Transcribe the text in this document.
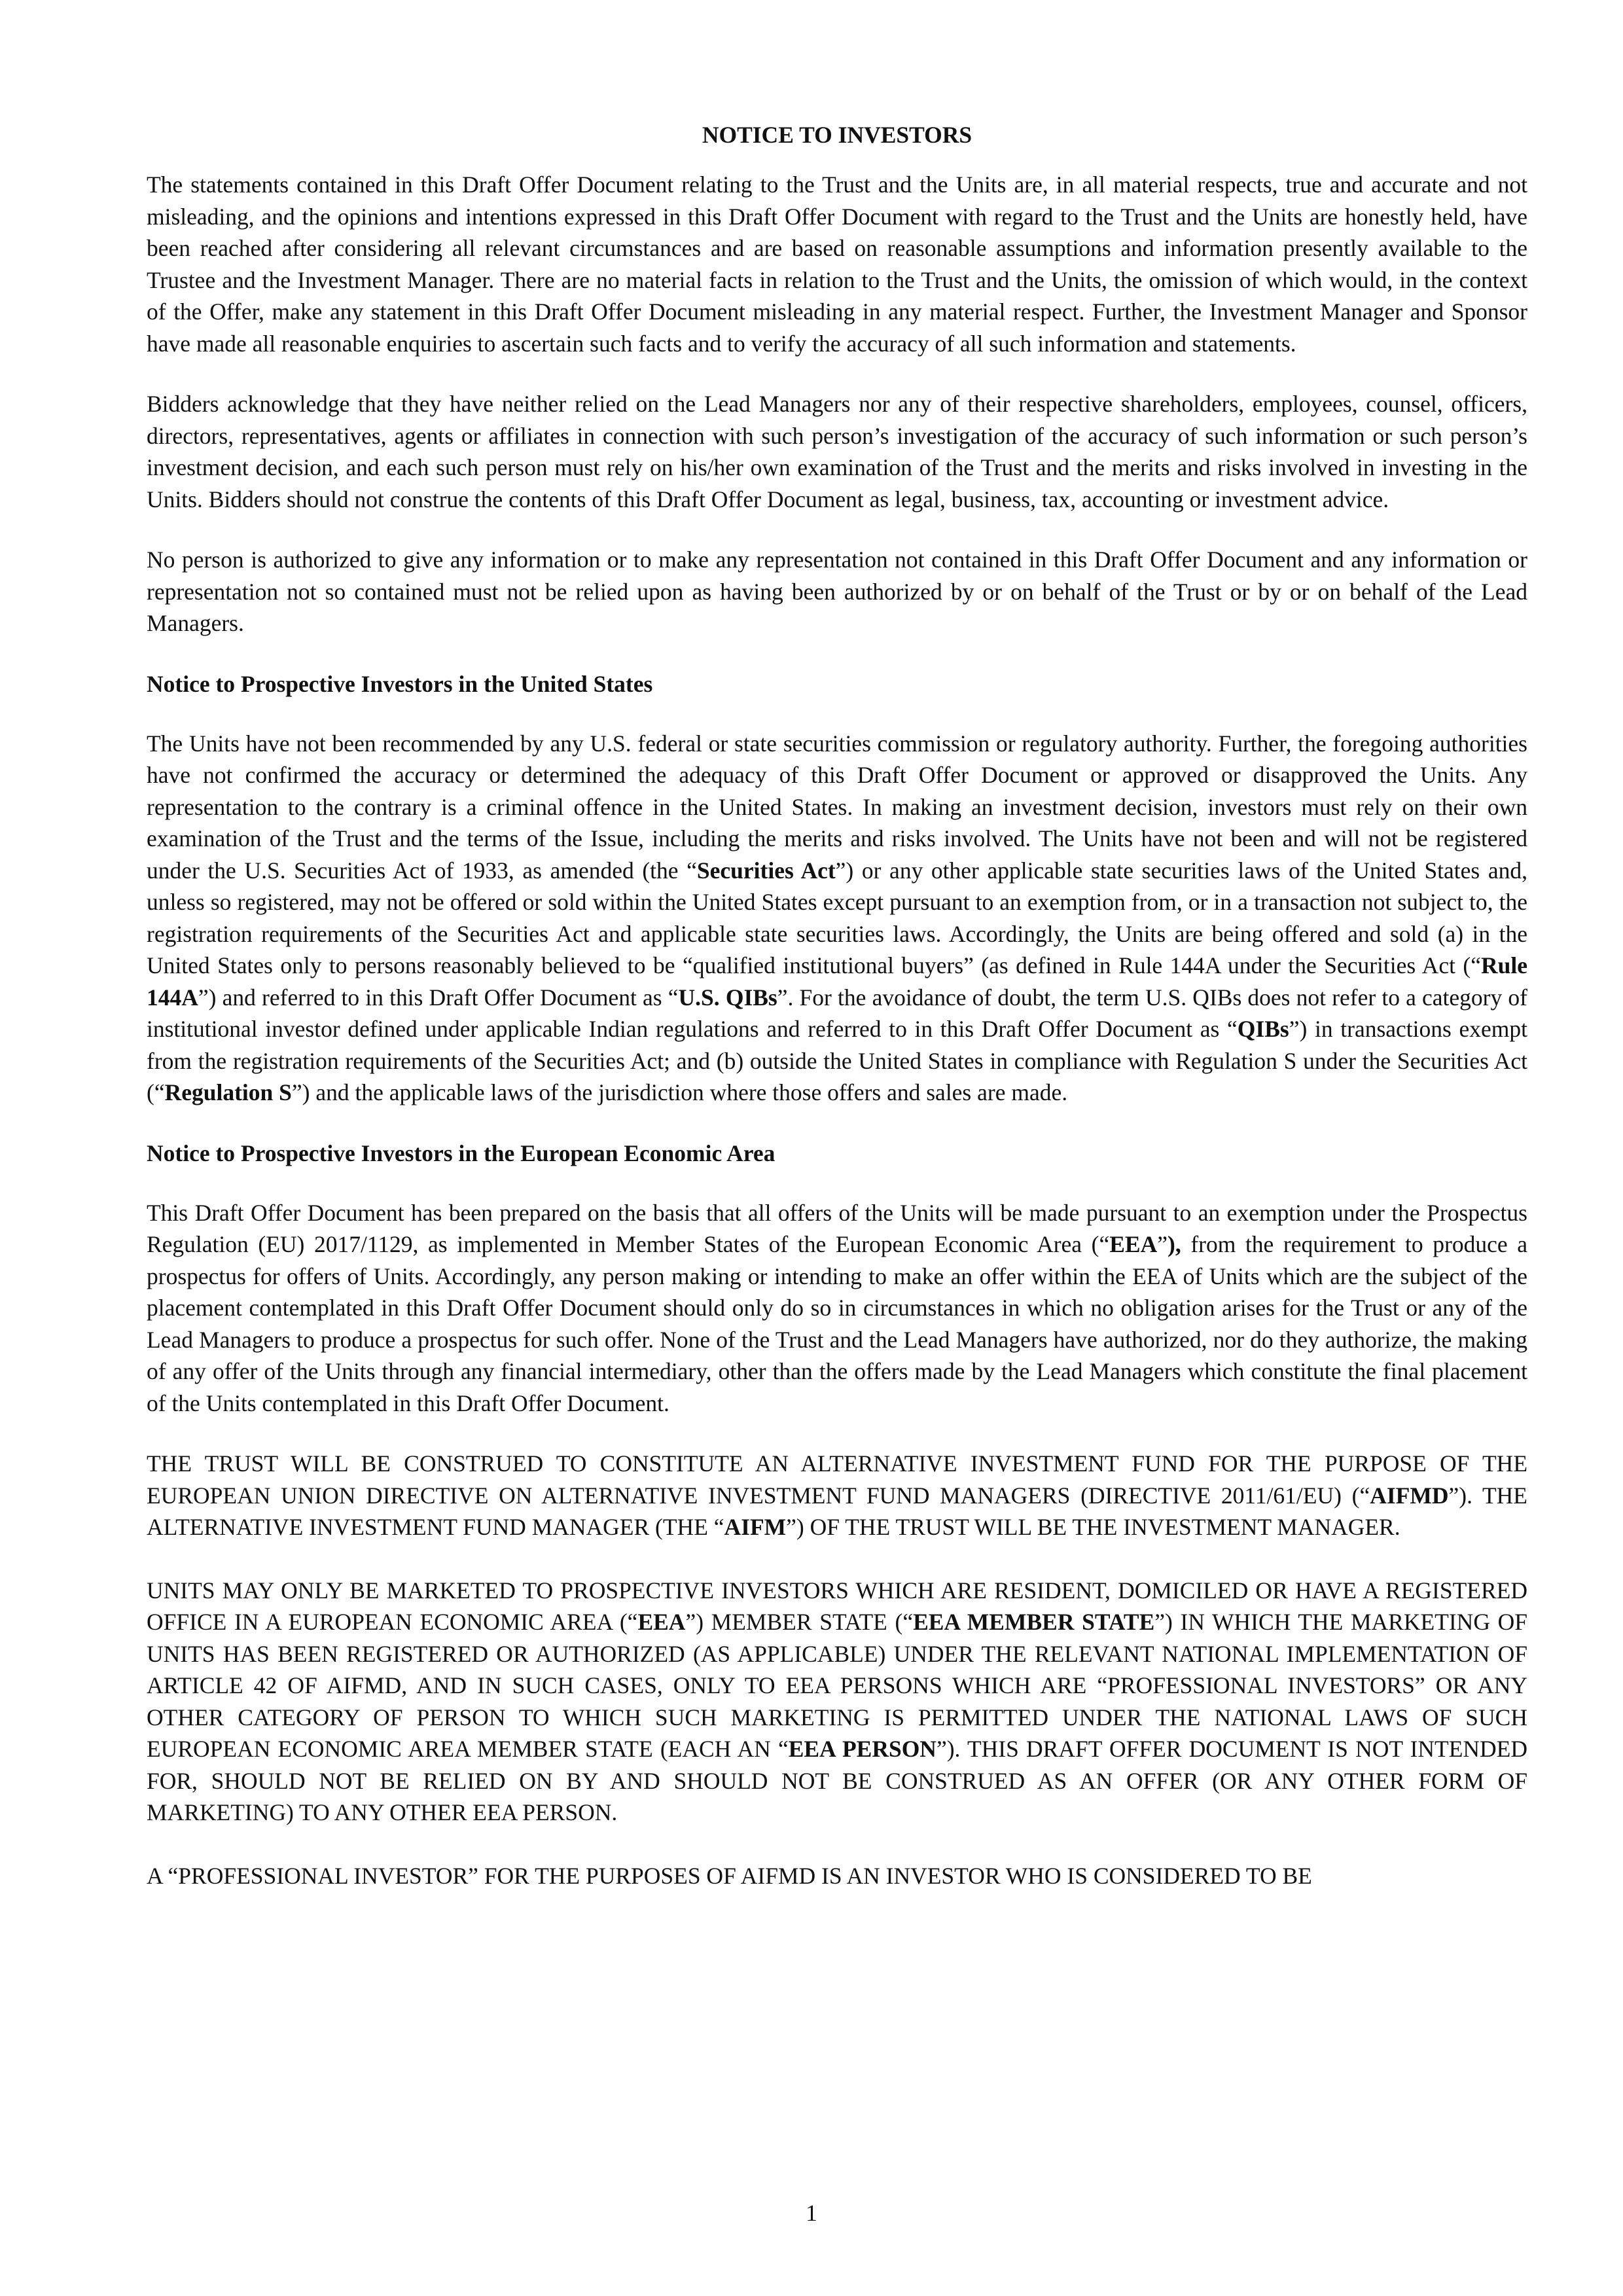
NOTICE TO INVESTORS

The statements contained in this Draft Offer Document relating to the Trust and the Units are, in all material respects, true and accurate and not misleading, and the opinions and intentions expressed in this Draft Offer Document with regard to the Trust and the Units are honestly held, have been reached after considering all relevant circumstances and are based on reasonable assumptions and information presently available to the Trustee and the Investment Manager. There are no material facts in relation to the Trust and the Units, the omission of which would, in the context of the Offer, make any statement in this Draft Offer Document misleading in any material respect. Further, the Investment Manager and Sponsor have made all reasonable enquiries to ascertain such facts and to verify the accuracy of all such information and statements.

Bidders acknowledge that they have neither relied on the Lead Managers nor any of their respective shareholders, employees, counsel, officers, directors, representatives, agents or affiliates in connection with such person’s investigation of the accuracy of such information or such person’s investment decision, and each such person must rely on his/her own examination of the Trust and the merits and risks involved in investing in the Units. Bidders should not construe the contents of this Draft Offer Document as legal, business, tax, accounting or investment advice.

No person is authorized to give any information or to make any representation not contained in this Draft Offer Document and any information or representation not so contained must not be relied upon as having been authorized by or on behalf of the Trust or by or on behalf of the Lead Managers.

Notice to Prospective Investors in the United States

The Units have not been recommended by any U.S. federal or state securities commission or regulatory authority. Further, the foregoing authorities have not confirmed the accuracy or determined the adequacy of this Draft Offer Document or approved or disapproved the Units. Any representation to the contrary is a criminal offence in the United States. In making an investment decision, investors must rely on their own examination of the Trust and the terms of the Issue, including the merits and risks involved. The Units have not been and will not be registered under the U.S. Securities Act of 1933, as amended (the “Securities Act”) or any other applicable state securities laws of the United States and, unless so registered, may not be offered or sold within the United States except pursuant to an exemption from, or in a transaction not subject to, the registration requirements of the Securities Act and applicable state securities laws. Accordingly, the Units are being offered and sold (a) in the United States only to persons reasonably believed to be “qualified institutional buyers” (as defined in Rule 144A under the Securities Act (“Rule 144A”) and referred to in this Draft Offer Document as “U.S. QIBs”. For the avoidance of doubt, the term U.S. QIBs does not refer to a category of institutional investor defined under applicable Indian regulations and referred to in this Draft Offer Document as “QIBs”) in transactions exempt from the registration requirements of the Securities Act; and (b) outside the United States in compliance with Regulation S under the Securities Act (“Regulation S”) and the applicable laws of the jurisdiction where those offers and sales are made.

Notice to Prospective Investors in the European Economic Area

This Draft Offer Document has been prepared on the basis that all offers of the Units will be made pursuant to an exemption under the Prospectus Regulation (EU) 2017/1129, as implemented in Member States of the European Economic Area (“EEA”), from the requirement to produce a prospectus for offers of Units. Accordingly, any person making or intending to make an offer within the EEA of Units which are the subject of the placement contemplated in this Draft Offer Document should only do so in circumstances in which no obligation arises for the Trust or any of the Lead Managers to produce a prospectus for such offer. None of the Trust and the Lead Managers have authorized, nor do they authorize, the making of any offer of the Units through any financial intermediary, other than the offers made by the Lead Managers which constitute the final placement of the Units contemplated in this Draft Offer Document.

THE TRUST WILL BE CONSTRUED TO CONSTITUTE AN ALTERNATIVE INVESTMENT FUND FOR THE PURPOSE OF THE EUROPEAN UNION DIRECTIVE ON ALTERNATIVE INVESTMENT FUND MANAGERS (DIRECTIVE 2011/61/EU) (“AIFMD”). THE ALTERNATIVE INVESTMENT FUND MANAGER (THE “AIFM”) OF THE TRUST WILL BE THE INVESTMENT MANAGER.

UNITS MAY ONLY BE MARKETED TO PROSPECTIVE INVESTORS WHICH ARE RESIDENT, DOMICILED OR HAVE A REGISTERED OFFICE IN A EUROPEAN ECONOMIC AREA (“EEA”) MEMBER STATE (“EEA MEMBER STATE”) IN WHICH THE MARKETING OF UNITS HAS BEEN REGISTERED OR AUTHORIZED (AS APPLICABLE) UNDER THE RELEVANT NATIONAL IMPLEMENTATION OF ARTICLE 42 OF AIFMD, AND IN SUCH CASES, ONLY TO EEA PERSONS WHICH ARE “PROFESSIONAL INVESTORS” OR ANY OTHER CATEGORY OF PERSON TO WHICH SUCH MARKETING IS PERMITTED UNDER THE NATIONAL LAWS OF SUCH EUROPEAN ECONOMIC AREA MEMBER STATE (EACH AN “EEA PERSON”). THIS DRAFT OFFER DOCUMENT IS NOT INTENDED FOR, SHOULD NOT BE RELIED ON BY AND SHOULD NOT BE CONSTRUED AS AN OFFER (OR ANY OTHER FORM OF MARKETING) TO ANY OTHER EEA PERSON.

A “PROFESSIONAL INVESTOR” FOR THE PURPOSES OF AIFMD IS AN INVESTOR WHO IS CONSIDERED TO BE

1
